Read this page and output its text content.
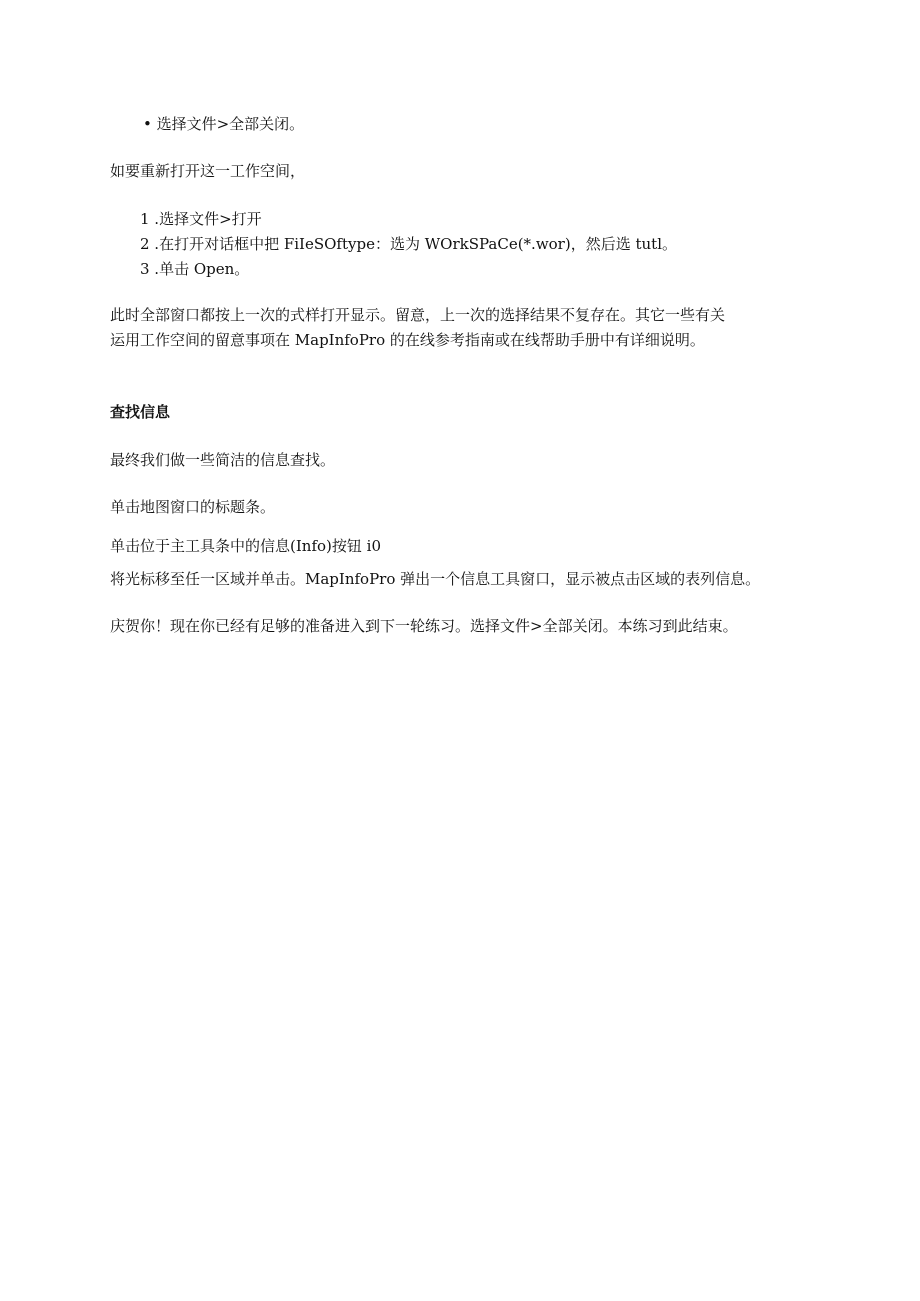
• 选择文件>全部关闭。
如要重新打开这一工作空间，
1 .选择文件>打开
2 .在打开对话框中把 FiIeSOftype：选为 WOrkSPaCe(*.wor)，然后选 tutl。
3 .单击 Open。
此时全部窗口都按上一次的式样打开显示。留意，上一次的选择结果不复存在。其它一些有关
运用工作空间的留意事项在 MapInfoPro 的在线参考指南或在线帮助手册中有详细说明。
查找信息
最终我们做一些简洁的信息查找。
单击地图窗口的标题条。
单击位于主工具条中的信息(Info)按钮 i0
将光标移至任一区域并单击。MapInfoPro 弹出一个信息工具窗口，显示被点击区域的表列信息。
庆贺你！现在你已经有足够的准备进入到下一轮练习。选择文件>全部关闭。本练习到此结束。
